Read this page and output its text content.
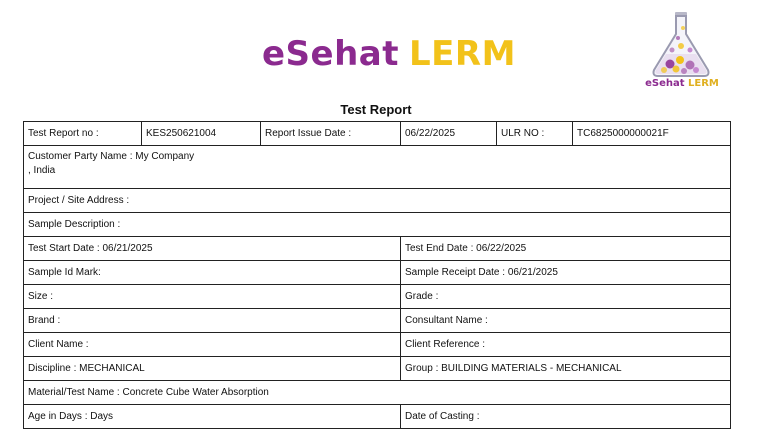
eSehat LERM
eSehat LERM
Test Report
Test Report no :	KES250621004	Report Issue Date :	06/22/2025	ULR NO :	TC6825000000021F

Customer Party Name : My Company
, India					

Project / Site Address :					
Sample Description :					
Test Start Date : 06/21/2025			Test End Date : 06/22/2025		
Sample Id Mark:			Sample Receipt Date : 06/21/2025		
Size :			Grade :		
Brand :			Consultant Name :		
Client Name :			Client Reference :		
Discipline : MECHANICAL			Group : BUILDING MATERIALS - MECHANICAL		
Material/Test Name : Concrete Cube Water Absorption					
Age in Days : Days			Date of Casting :		
